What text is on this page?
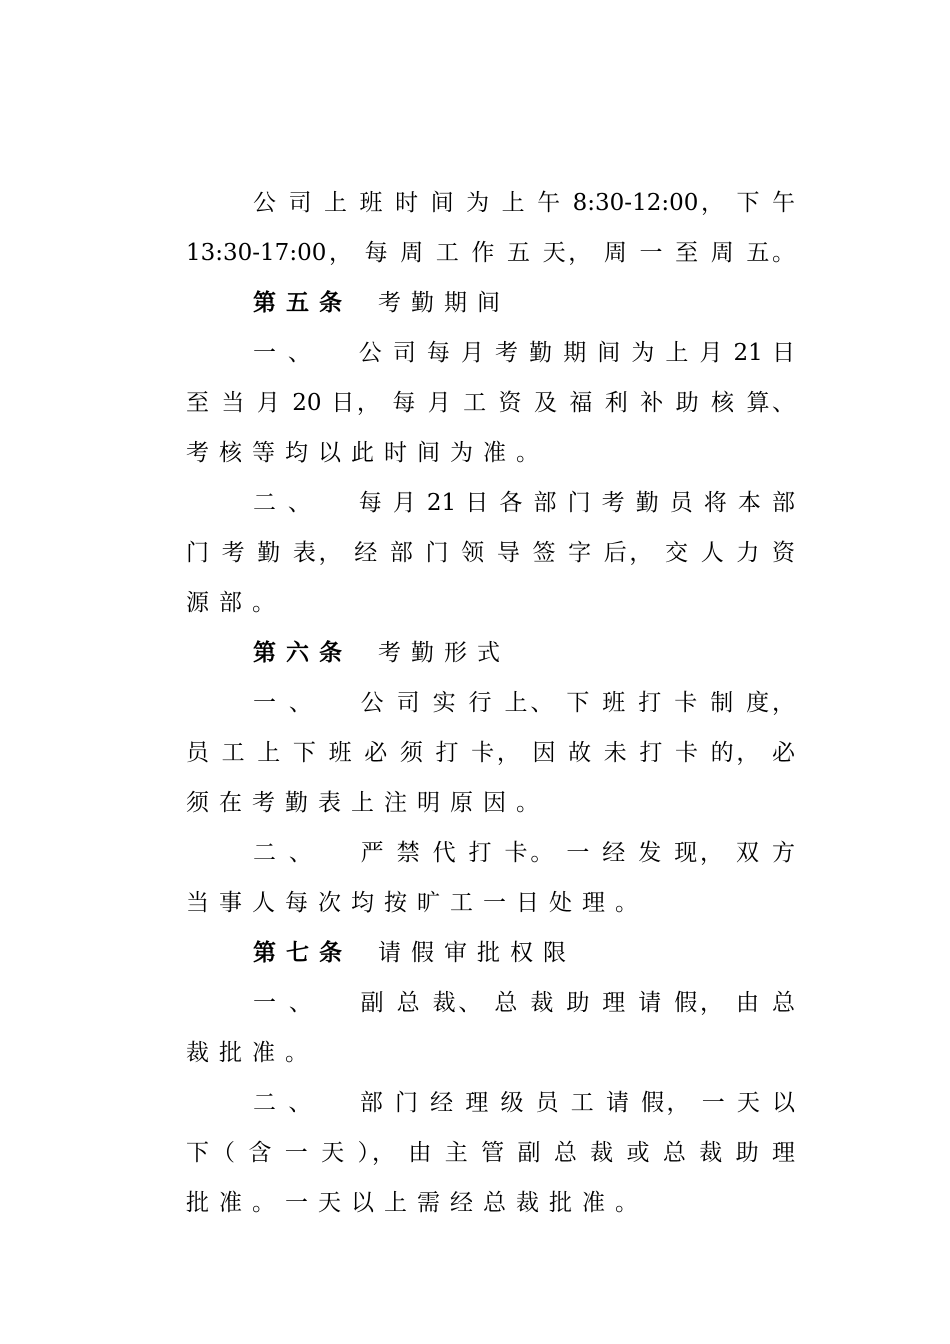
公 司 上 班 时 间 为 上 午 8:30-12:00， 下 午
13:30-17:00， 每 周 工 作 五 天， 周 一 至 周 五。
第五条 考勤期间
一、 公 司 每 月 考 勤 期 间 为 上 月 21 日
至 当 月 20 日， 每 月 工 资 及 福 利 补 助 核 算、
考核等均以此时间为准。
二、 每 月 21 日 各 部 门 考 勤 员 将 本 部
门 考 勤 表， 经 部 门 领 导 签 字 后， 交 人 力 资
源部。
第六条 考勤形式
一、 公 司 实 行 上、 下 班 打 卡 制 度，
员 工 上 下 班 必 须 打 卡， 因 故 未 打 卡 的， 必
须在考勤表上注明原因。
二、 严 禁 代 打 卡。 一 经 发 现， 双 方
当事人每次均按旷工一日处理。
第七条 请假审批权限
一、 副 总 裁、 总 裁 助 理 请 假， 由 总
裁批准。
二、 部 门 经 理 级 员 工 请 假， 一 天 以
下（ 含 一 天 ）， 由 主 管 副 总 裁 或 总 裁 助 理
批准。一天以上需经总裁批准。
